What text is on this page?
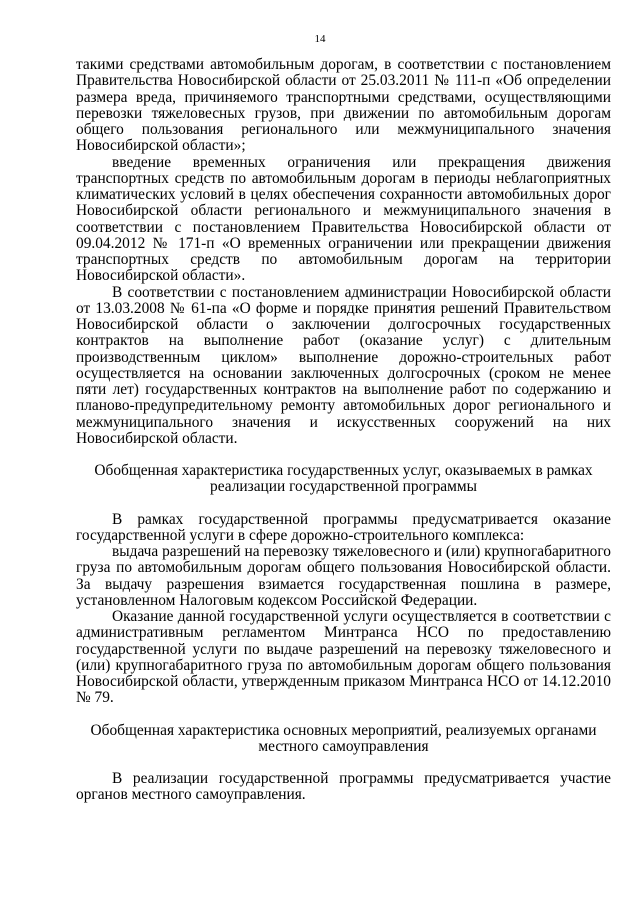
14

такими средствами автомобильным дорогам, в соответствии с постановлением Правительства Новосибирской области от 25.03.2011 № 111-п «Об определении размера вреда, причиняемого транспортными средствами, осуществляющими перевозки тяжеловесных грузов, при движении по автомобильным дорогам общего пользования регионального или межмуниципального значения Новосибирской области»;

введение временных ограничения или прекращения движения транспортных средств по автомобильным дорогам в периоды неблагоприятных климатических условий в целях обеспечения сохранности автомобильных дорог Новосибирской области регионального и межмуниципального значения в соответствии с постановлением Правительства Новосибирской области от 09.04.2012 № 171-п «О временных ограничении или прекращении движения транспортных средств по автомобильным дорогам на территории Новосибирской области».

В соответствии с постановлением администрации Новосибирской области от 13.03.2008 № 61-па «О форме и порядке принятия решений Правительством Новосибирской области о заключении долгосрочных государственных контрактов на выполнение работ (оказание услуг) с длительным производственным циклом» выполнение дорожно-строительных работ осуществляется на основании заключенных долгосрочных (сроком не менее пяти лет) государственных контрактов на выполнение работ по содержанию и планово-предупредительному ремонту автомобильных дорог регионального и межмуниципального значения и искусственных сооружений на них Новосибирской области.

Обобщенная характеристика государственных услуг, оказываемых в рамках реализации государственной программы

В рамках государственной программы предусматривается оказание государственной услуги в сфере дорожно-строительного комплекса:

выдача разрешений на перевозку тяжеловесного и (или) крупногабаритного груза по автомобильным дорогам общего пользования Новосибирской области. За выдачу разрешения взимается государственная пошлина в размере, установленном Налоговым кодексом Российской Федерации.

Оказание данной государственной услуги осуществляется в соответствии с административным регламентом Минтранса НСО по предоставлению государственной услуги по выдаче разрешений на перевозку тяжеловесного и (или) крупногабаритного груза по автомобильным дорогам общего пользования Новосибирской области, утвержденным приказом Минтранса НСО от 14.12.2010 № 79.

Обобщенная характеристика основных мероприятий, реализуемых органами местного самоуправления

В реализации государственной программы предусматривается участие органов местного самоуправления.
